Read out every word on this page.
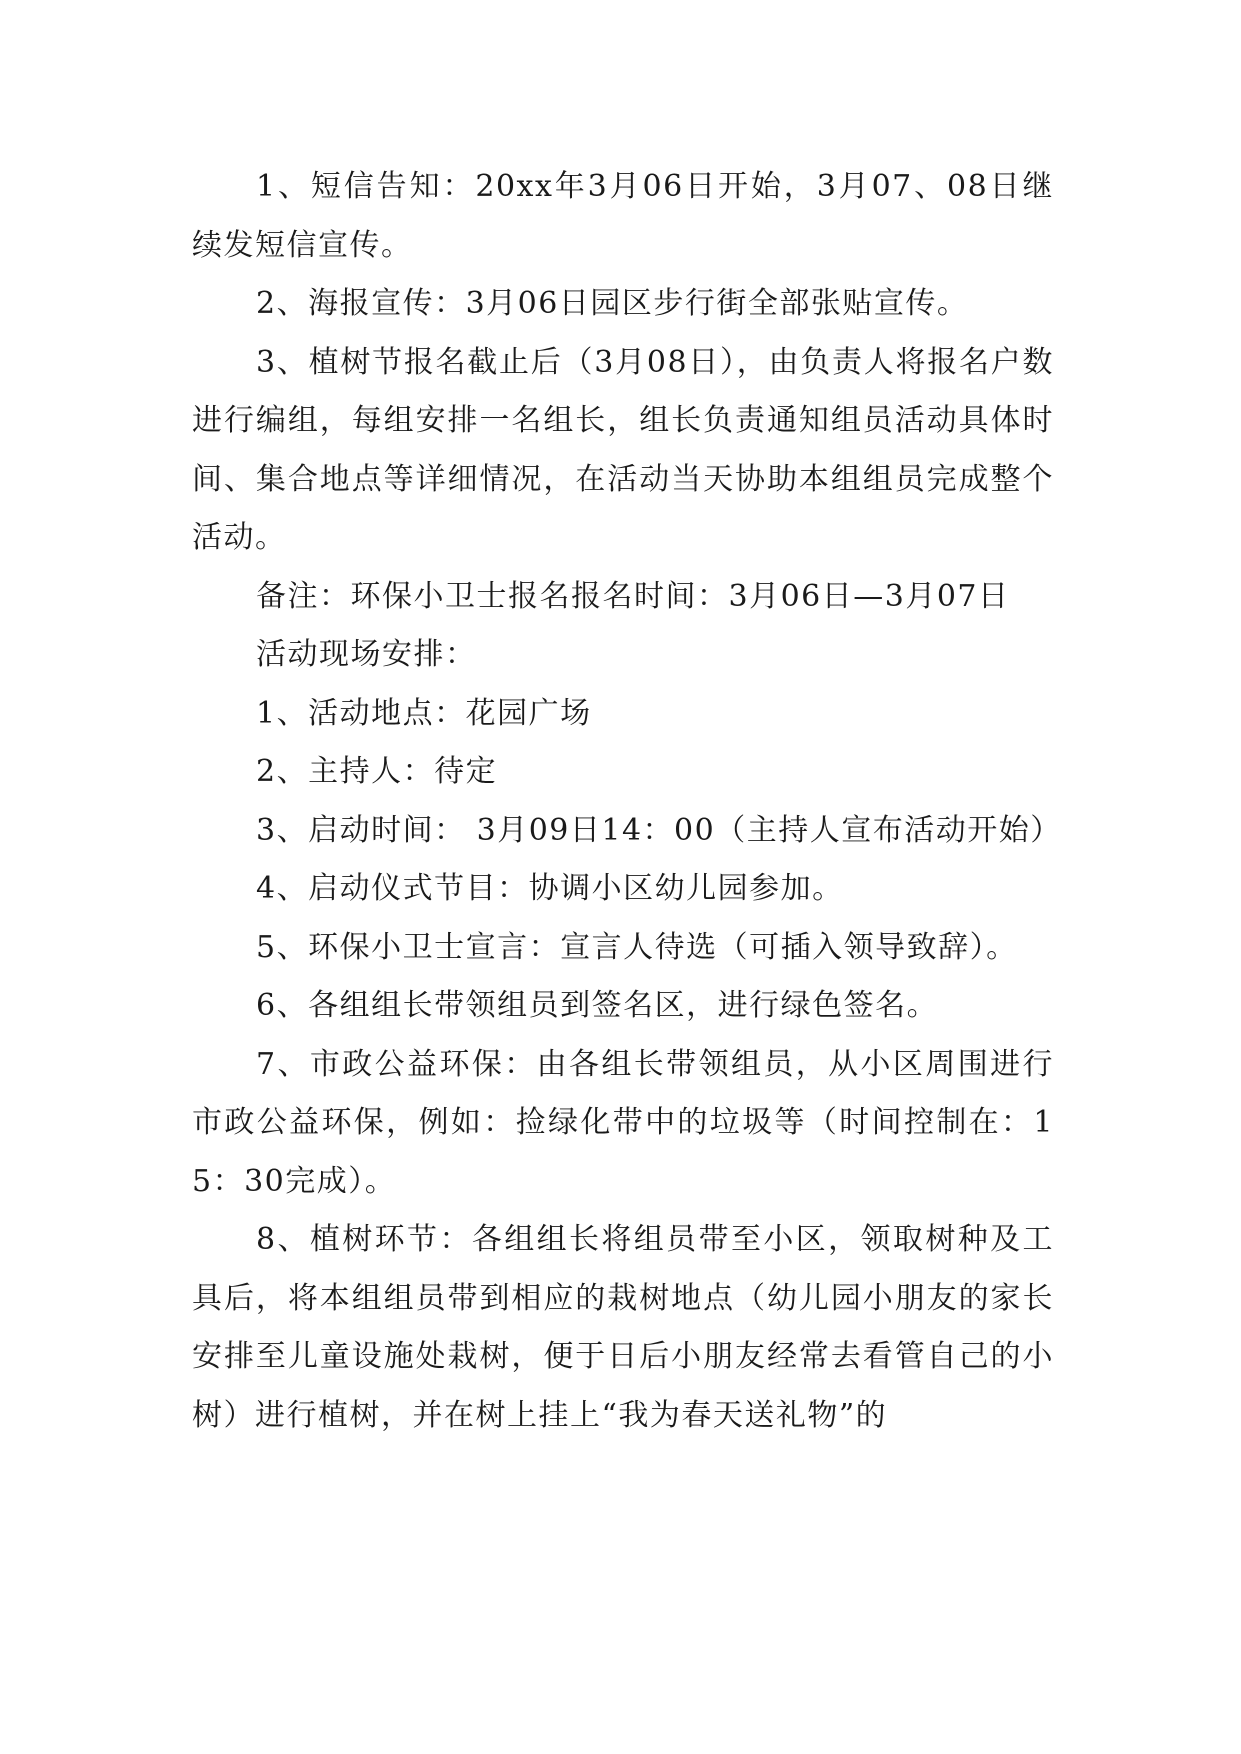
1、短信告知：20xx年3月06日开始，3月07、08日继续发短信宣传。

2、海报宣传：3月06日园区步行街全部张贴宣传。

3、植树节报名截止后（3月08日），由负责人将报名户数进行编组，每组安排一名组长，组长负责通知组员活动具体时间、集合地点等详细情况，在活动当天协助本组组员完成整个活动。

备注：环保小卫士报名报名时间：3月06日—3月07日

活动现场安排：

1、活动地点：花园广场

2、主持人：待定

3、启动时间： 3月09日14：00（主持人宣布活动开始）

4、启动仪式节目：协调小区幼儿园参加。

5、环保小卫士宣言：宣言人待选（可插入领导致辞）。

6、各组组长带领组员到签名区，进行绿色签名。

7、市政公益环保：由各组长带领组员，从小区周围进行市政公益环保，例如：捡绿化带中的垃圾等（时间控制在：15：30完成）。

8、植树环节：各组组长将组员带至小区，领取树种及工具后，将本组组员带到相应的栽树地点（幼儿园小朋友的家长安排至儿童设施处栽树，便于日后小朋友经常去看管自己的小树）进行植树，并在树上挂上“我为春天送礼物”的
